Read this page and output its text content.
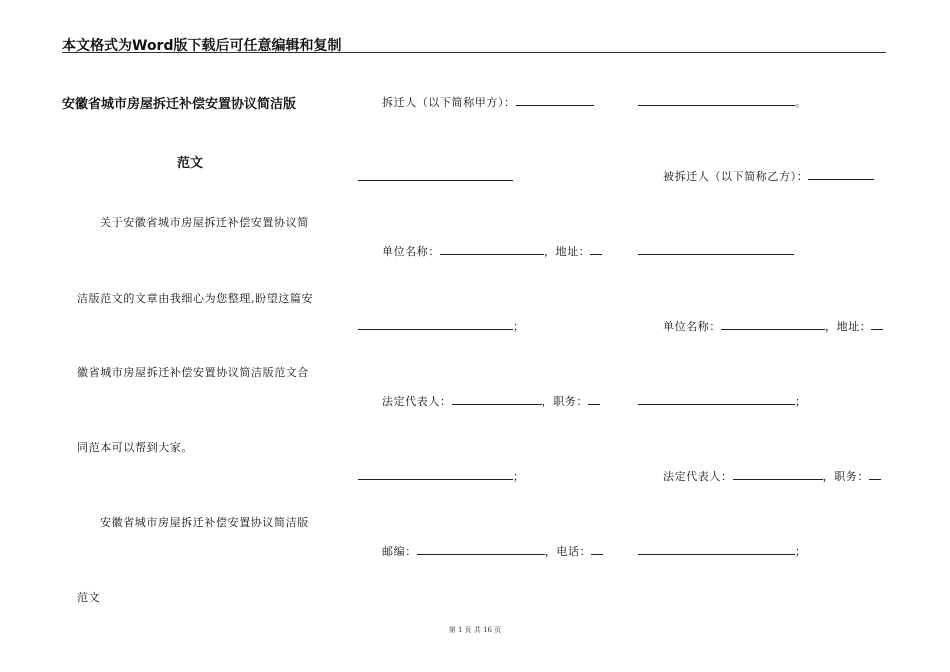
本文格式为Word版下载后可任意编辑和复制
安徽省城市房屋拆迁补偿安置协议简洁版
范文
关于安徽省城市房屋拆迁补偿安置协议简
洁版范文的文章由我细心为您整理,盼望这篇安
徽省城市房屋拆迁补偿安置协议简洁版范文合
同范本可以帮到大家。
安徽省城市房屋拆迁补偿安置协议简洁版
范文
拆迁人（以下简称甲方）：
单位名称：	，地址：
；
法定代表人：	，职务：
；
邮编：	，电话：
。
被拆迁人（以下简称乙方）：
单位名称：	，地址：
；
法定代表人：	，职务：
；
第 1 页 共 16 页
